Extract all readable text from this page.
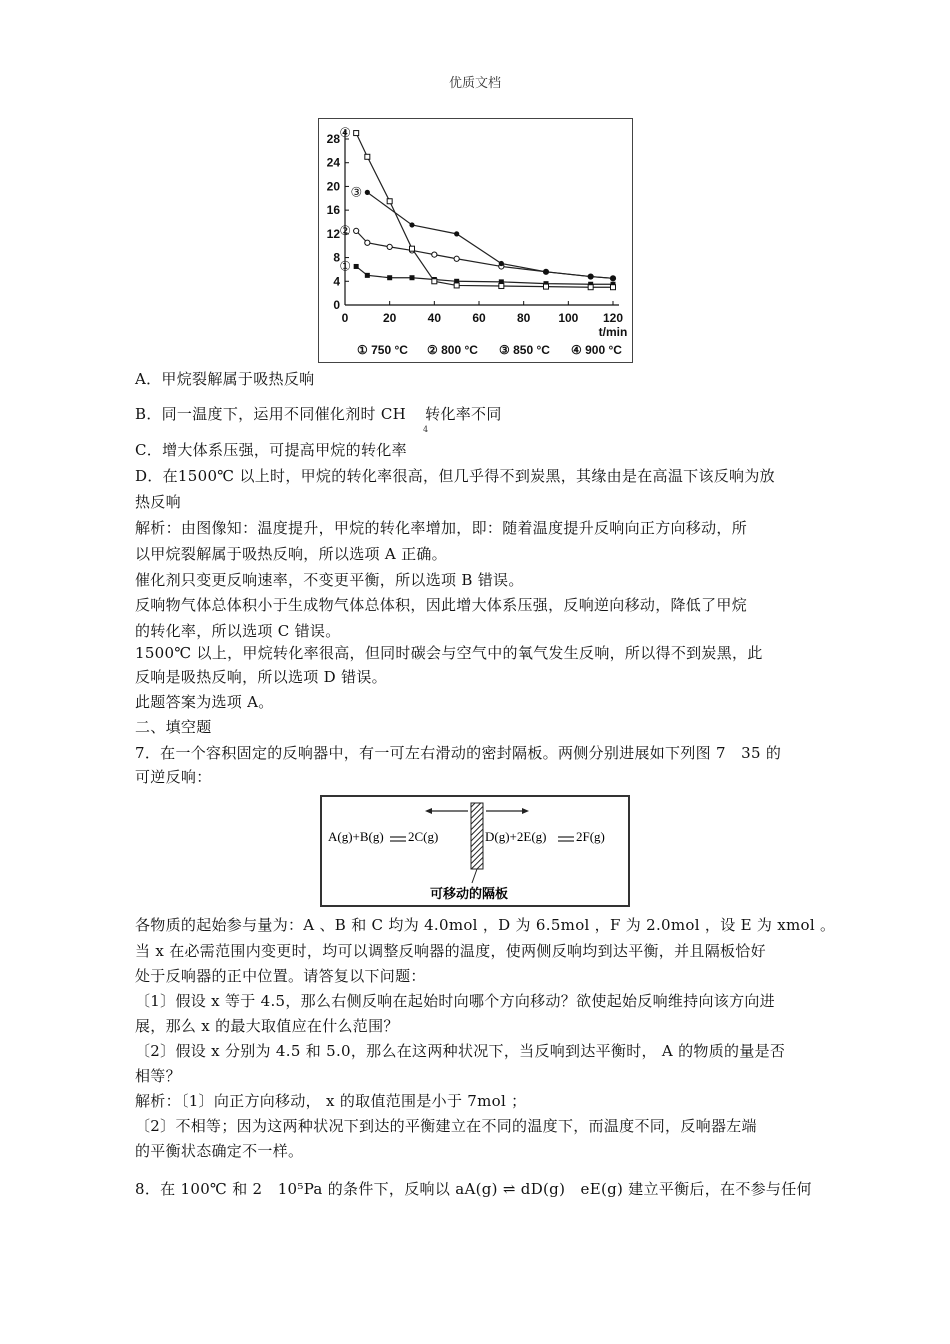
优质文档
0
4
8
12
16
20
24
28
0	20	40	60	80 100 120
t/min
①
②
③
④
① 750 °C ② 800 °C ③ 850 °C ④ 900 °C
A．甲烷裂解属于吸热反响
B．同一温度下，运用不同催化剂时 CH
4
转化率不同
C．增大体系压强，可提高甲烷的转化率
D．在1500℃ 以上时，甲烷的转化率很高，但几乎得不到炭黑，其缘由是在高温下该反响为放
热反响
解析：由图像知：温度提升，甲烷的转化率增加，即：随着温度提升反响向正方向移动，所
以甲烷裂解属于吸热反响，所以选项 A 正确。
催化剂只变更反响速率，不变更平衡，所以选项 B 错误。
反响物气体总体积小于生成物气体总体积，因此增大体系压强，反响逆向移动，降低了甲烷
的转化率，所以选项 C 错误。
1500℃ 以上，甲烷转化率很高，但同时碳会与空气中的氧气发生反响，所以得不到炭黑，此
反响是吸热反响，所以选项 D 错误。
此题答案为选项 A。
二、填空题
7．在一个容积固定的反响器中，有一可左右滑动的密封隔板。两侧分别进展如下列图 7　35 的
可逆反响：
A(g)+B(g) 2C(g)	D(g)+2E(g) 2F(g)
可移动的隔板
各物质的起始参与量为：A 、B 和 C 均为 4.0mol ，D 为 6.5mol ，F 为 2.0mol ，设 E 为 xmol 。
当 x 在必需范围内变更时，均可以调整反响器的温度，使两侧反响均到达平衡，并且隔板恰好
处于反响器的正中位置。请答复以下问题：
〔1〕假设 x 等于 4.5，那么右侧反响在起始时向哪个方向移动？欲使起始反响维持向该方向进
展，那么 x 的最大取值应在什么范围？
〔2〕假设 x 分别为 4.5 和 5.0，那么在这两种状况下，当反响到达平衡时， A 的物质的量是否
相等？
解析：〔1〕向正方向移动， x 的取值范围是小于 7mol ；
〔2〕不相等；因为这两种状况下到达的平衡建立在不同的温度下，而温度不同，反响器左端
的平衡状态确定不一样。
8．在 100℃ 和 2　10⁵Pa 的条件下，反响以 aA(g) ⇌ dD(g)　eE(g) 建立平衡后，在不参与任何
